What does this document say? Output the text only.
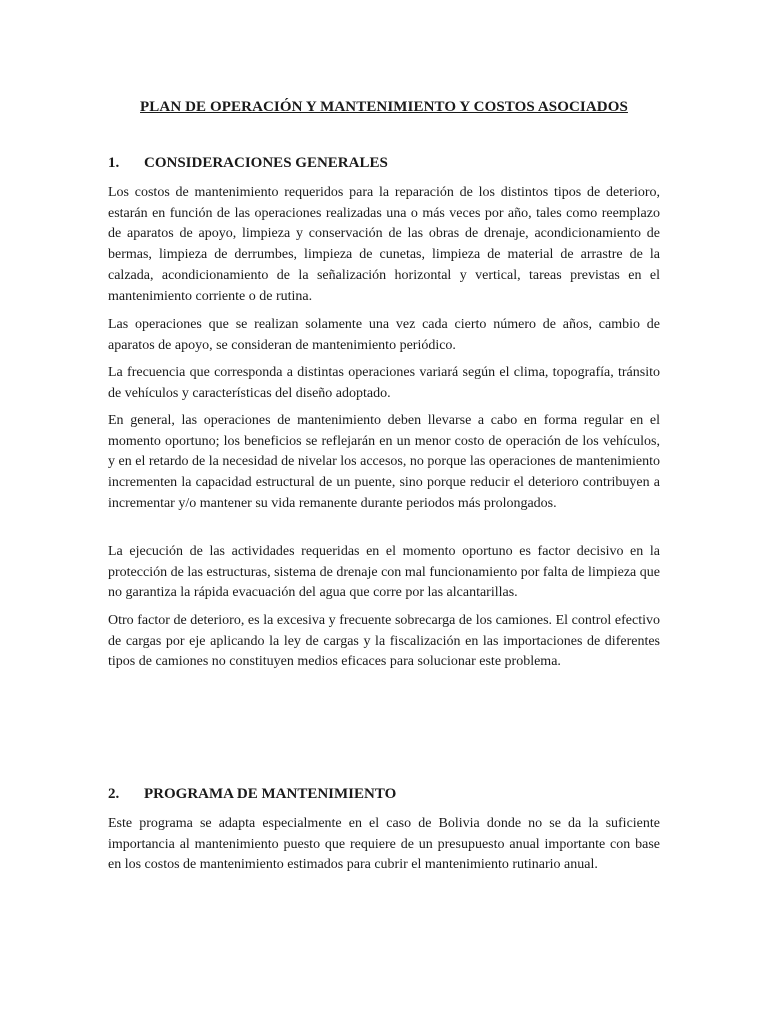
PLAN DE OPERACIÓN Y MANTENIMIENTO Y COSTOS ASOCIADOS
1. CONSIDERACIONES GENERALES

Los costos de mantenimiento requeridos para la reparación de los distintos tipos de deterioro, estarán en función de las operaciones realizadas una o más veces por año, tales como reemplazo de aparatos de apoyo, limpieza y conservación de las obras de drenaje, acondicionamiento de bermas, limpieza de derrumbes, limpieza de cunetas, limpieza de material de arrastre de la calzada, acondicionamiento de la señalización horizontal y vertical, tareas previstas en el mantenimiento corriente o de rutina.

Las operaciones que se realizan solamente una vez cada cierto número de años, cambio de aparatos de apoyo, se consideran de mantenimiento periódico.

La frecuencia que corresponda a distintas operaciones variará según el clima, topografía, tránsito de vehículos y características del diseño adoptado.

En general, las operaciones de mantenimiento deben llevarse a cabo en forma regular en el momento oportuno; los beneficios se reflejarán en un menor costo de operación de los vehículos, y en el retardo de la necesidad de nivelar los accesos, no porque las operaciones de mantenimiento incrementen la capacidad estructural de un puente, sino porque reducir el deterioro contribuyen a incrementar y/o mantener su vida remanente durante periodos más prolongados.

La ejecución de las actividades requeridas en el momento oportuno es factor decisivo en la protección de las estructuras, sistema de drenaje con mal funcionamiento por falta de limpieza que no garantiza la rápida evacuación del agua que corre por las alcantarillas.

Otro factor de deterioro, es la excesiva y frecuente sobrecarga de los camiones. El control efectivo de cargas por eje aplicando la ley de cargas y la fiscalización en las importaciones de diferentes tipos de camiones no constituyen medios eficaces para solucionar este problema.

2. PROGRAMA DE MANTENIMIENTO

Este programa se adapta especialmente en el caso de Bolivia donde no se da la suficiente importancia al mantenimiento puesto que requiere de un presupuesto anual importante con base en los costos de mantenimiento estimados para cubrir el mantenimiento rutinario anual.
